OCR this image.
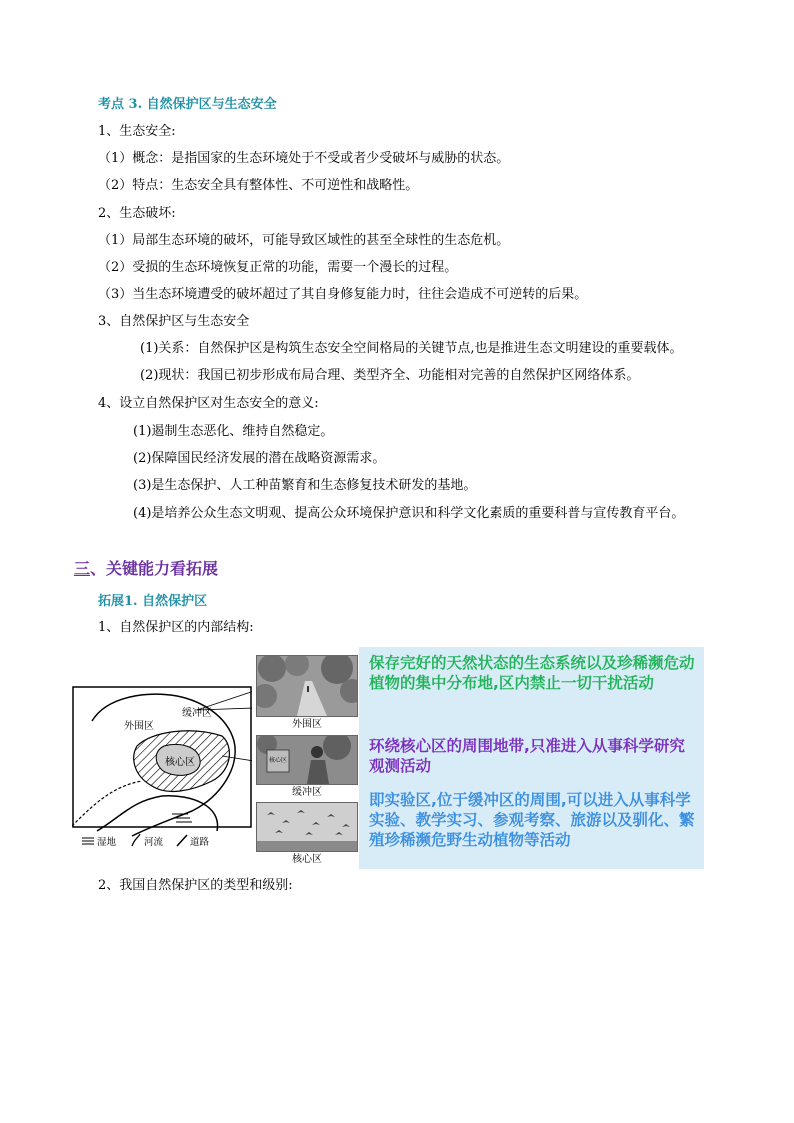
考点 3. 自然保护区与生态安全
1、生态安全:
（1）概念：是指国家的生态环境处于不受或者少受破坏与威胁的状态。
（2）特点：生态安全具有整体性、不可逆性和战略性。
2、生态破坏:
（1）局部生态环境的破坏，可能导致区域性的甚至全球性的生态危机。
（2）受损的生态环境恢复正常的功能，需要一个漫长的过程。
（3）当生态环境遭受的破坏超过了其自身修复能力时，往往会造成不可逆转的后果。
3、自然保护区与生态安全
(1)关系：自然保护区是构筑生态安全空间格局的关键节点,也是推进生态文明建设的重要载体。
(2)现状：我国已初步形成布局合理、类型齐全、功能相对完善的自然保护区网络体系。
4、设立自然保护区对生态安全的意义:
(1)遏制生态恶化、维持自然稳定。
(2)保障国民经济发展的潜在战略资源需求。
(3)是生态保护、人工种苗繁育和生态修复技术研发的基地。
(4)是培养公众生态文明观、提高公众环境保护意识和科学文化素质的重要科普与宣传教育平台。
三、关键能力看拓展
拓展1. 自然保护区
1、自然保护区的内部结构:
外围区
缓冲区
核心区
湿地	河流	道路
外围区
核心区
缓冲区
核心区
保存完好的天然状态的生态系统以及珍稀濒危动植物的集中分布地,区内禁止一切干扰活动
环绕核心区的周围地带,只准进入从事科学研究观测活动
即实验区,位于缓冲区的周围,可以进入从事科学实验、教学实习、参观考察、旅游以及驯化、繁殖珍稀濒危野生动植物等活动
2、我国自然保护区的类型和级别:
